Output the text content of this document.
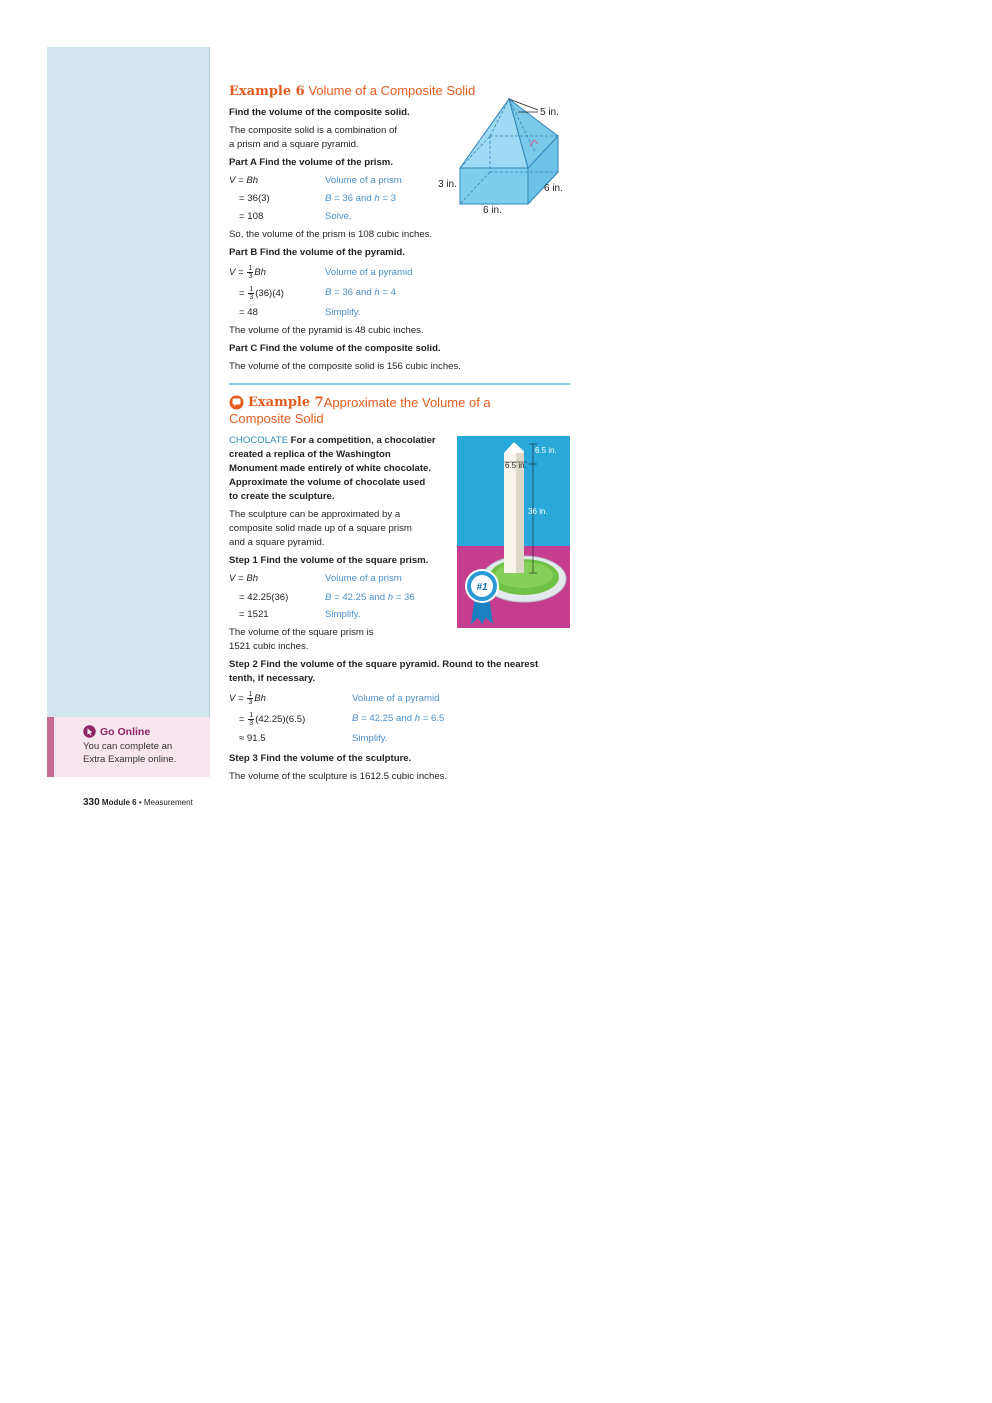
Go Online
You can complete an
Extra Example online.
Example 6 Volume of a Composite Solid
Find the volume of the composite solid.
The composite solid is a combination of
a prism and a square pyramid.
Part A Find the volume of the prism.
V = Bh
= 36(3)
= 108
Volume of a prism
B = 36 and h = 3
Solve.
So, the volume of the prism is 108 cubic inches.
Part B Find the volume of the pyramid.
$V = \frac{1}{3}$ Bh
= $\frac{1}{3} (36)(4)$
= 48
Volume of a pyramid
B = 36 and h = 4
Simplify.
The volume of the pyramid is 48 cubic inches.
Part C Find the volume of the composite solid.
The volume of the composite solid is 156 cubic inches.
5 in.
3 in.	6 in.
6 in.
Example 7 Approximate the Volume of a
Composite Solid
CHOCOLATE For a competition, a chocolatier
created a replica of the Washington
Monument made entirely of white chocolate.
Approximate the volume of chocolate used
to create the sculpture.
The sculpture can be approximated by a
composite solid made up of a square prism
and a square pyramid.
Step 1 Find the volume of the square prism.
V = Bh
= 42.25(36)
= 1521
Volume of a prism
B = 42.25 and h = 36
Simplify.
The volume of the square prism is
1521 cubic inches.
Step 2 Find the volume of the square pyramid. Round to the nearest
tenth, if necessary.
$V = \frac{1}{3}$ Bh
= $\frac{1}{3} (42.25)(6.5)$
≈ 91.5
Volume of a pyramid
B = 42.25 and h = 6.5
Simplify.
Step 3 Find the volume of the sculpture.
The volume of the sculpture is 1612.5 cubic inches.
6.5 in.
6.5 in.
36 in.
#1
330 Module 6 • Measurement
